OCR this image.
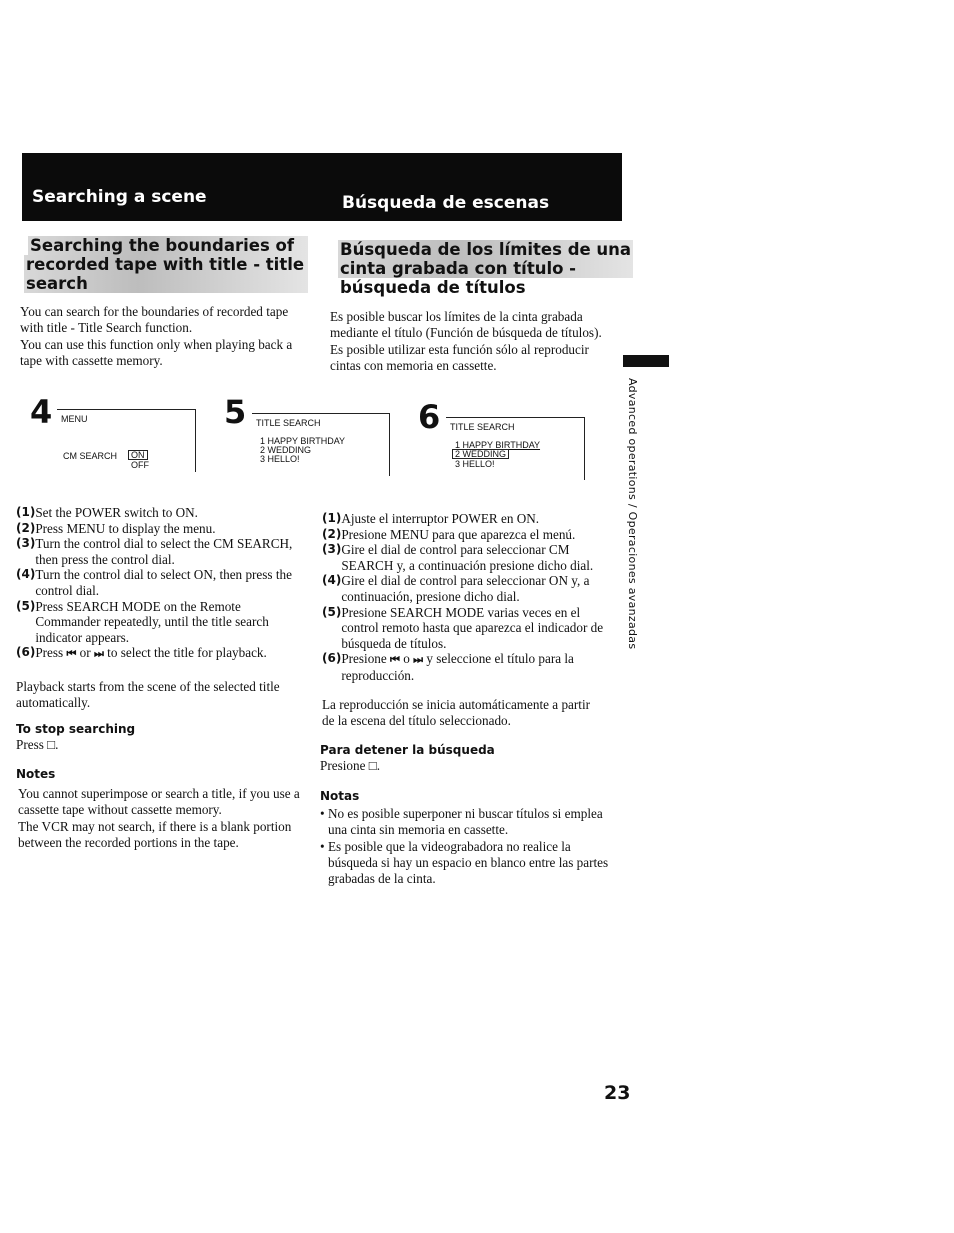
Searching a scene	Búsqueda de escenas
Searching the boundaries of
recorded tape with title - title
search
Búsqueda de los límites de una
cinta grabada con título -
búsqueda de títulos

You can search for the boundaries of recorded tape with title - Title Search function.

You can use this function only when playing back a tape with cassette memory.

Es posible buscar los límites de la cinta grabada mediante el título (Función de búsqueda de títulos).

Es posible utilizar esta función sólo al reproducir cintas con memoria en cassette.

4 MENU
CM SEARCH	ON
OFF
5 TITLE SEARCH
1 HAPPY BIRTHDAY
2 WEDDING
3 HELLO!
6 TITLE SEARCH
1 HAPPY BIRTHDAY
2 WEDDING
3 HELLO!
(1) Set the POWER switch to ON.
(2) Press MENU to display the menu.
(3) Turn the control dial to select the CM SEARCH, then press the control dial.
(4) Turn the control dial to select ON, then press the control dial.
(5) Press SEARCH MODE on the Remote Commander repeatedly, until the title search indicator appears.
(6) Press ⏮ or ⏭ to select the title for playback.
Playback starts from the scene of the selected title automatically.
To stop searching
Press □.
Notes

You cannot superimpose or search a title, if you use a cassette tape without cassette memory.

The VCR may not search, if there is a blank portion between the recorded portions in the tape.

(1) Ajuste el interruptor POWER en ON.
(2) Presione MENU para que aparezca el menú.
(3) Gire el dial de control para seleccionar CM SEARCH y, a continuación presione dicho dial.
(4) Gire el dial de control para seleccionar ON y, a continuación, presione dicho dial.
(5) Presione SEARCH MODE varias veces en el control remoto hasta que aparezca el indicador de búsqueda de títulos.
(6) Presione ⏮ o ⏭ y seleccione el título para la reproducción.
La reproducción se inicia automáticamente a partir de la escena del título seleccionado.
Para detener la búsqueda
Presione □.
Notas

• No es posible superponer ni buscar títulos si emplea una cinta sin memoria en cassette.

• Es posible que la videograbadora no realice la búsqueda si hay un espacio en blanco entre las partes grabadas de la cinta.

Advanced operations / Operaciones avanzadas
23
